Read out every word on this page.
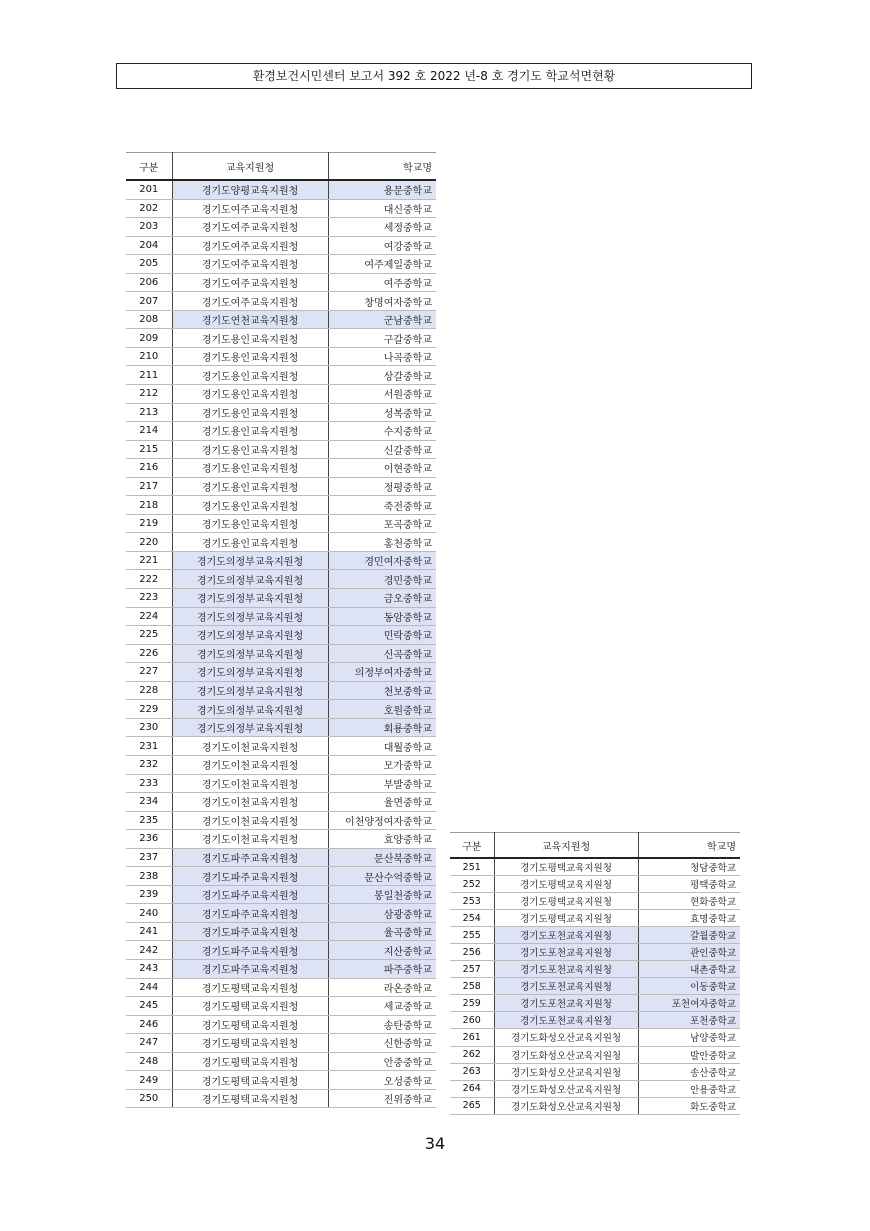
환경보건시민센터 보고서 392 호 2022 년-8 호 경기도 학교석면현황
구분	교육지원청	학교명
201	경기도양평교육지원청	용문중학교
202	경기도여주교육지원청	대신중학교
203	경기도여주교육지원청	세정중학교
204	경기도여주교육지원청	여강중학교
205	경기도여주교육지원청	여주제일중학교
206	경기도여주교육지원청	여주중학교
207	경기도여주교육지원청	창명여자중학교
208	경기도연천교육지원청	군남중학교
209	경기도용인교육지원청	구갈중학교
210	경기도용인교육지원청	나곡중학교
211	경기도용인교육지원청	상갈중학교
212	경기도용인교육지원청	서원중학교
213	경기도용인교육지원청	성복중학교
214	경기도용인교육지원청	수지중학교
215	경기도용인교육지원청	신갈중학교
216	경기도용인교육지원청	이현중학교
217	경기도용인교육지원청	정평중학교
218	경기도용인교육지원청	죽전중학교
219	경기도용인교육지원청	포곡중학교
220	경기도용인교육지원청	홍천중학교
221	경기도의정부교육지원청	경민여자중학교
222	경기도의정부교육지원청	경민중학교
223	경기도의정부교육지원청	금오중학교
224	경기도의정부교육지원청	동암중학교
225	경기도의정부교육지원청	민락중학교
226	경기도의정부교육지원청	신곡중학교
227	경기도의정부교육지원청	의정부여자중학교
228	경기도의정부교육지원청	천보중학교
229	경기도의정부교육지원청	호원중학교
230	경기도의정부교육지원청	회룡중학교
231	경기도이천교육지원청	대월중학교
232	경기도이천교육지원청	모가중학교
233	경기도이천교육지원청	부발중학교
234	경기도이천교육지원청	율면중학교
235	경기도이천교육지원청	이천양정여자중학교
236	경기도이천교육지원청	효양중학교
237	경기도파주교육지원청	문산북중학교
238	경기도파주교육지원청	문산수억중학교
239	경기도파주교육지원청	봉일천중학교
240	경기도파주교육지원청	삼광중학교
241	경기도파주교육지원청	율곡중학교
242	경기도파주교육지원청	지산중학교
243	경기도파주교육지원청	파주중학교
244	경기도평택교육지원청	라온중학교
245	경기도평택교육지원청	세교중학교
246	경기도평택교육지원청	송탄중학교
247	경기도평택교육지원청	신한중학교
248	경기도평택교육지원청	안중중학교
249	경기도평택교육지원청	오성중학교
250	경기도평택교육지원청	진위중학교
구분	교육지원청	학교명
251	경기도평택교육지원청	청담중학교
252	경기도평택교육지원청	평택중학교
253	경기도평택교육지원청	현화중학교
254	경기도평택교육지원청	효명중학교
255	경기도포천교육지원청	갈월중학교
256	경기도포천교육지원청	관인중학교
257	경기도포천교육지원청	내촌중학교
258	경기도포천교육지원청	이동중학교
259	경기도포천교육지원청	포천여자중학교
260	경기도포천교육지원청	포천중학교
261	경기도화성오산교육지원청	남양중학교
262	경기도화성오산교육지원청	발안중학교
263	경기도화성오산교육지원청	송산중학교
264	경기도화성오산교육지원청	안용중학교
265	경기도화성오산교육지원청	화도중학교
34
